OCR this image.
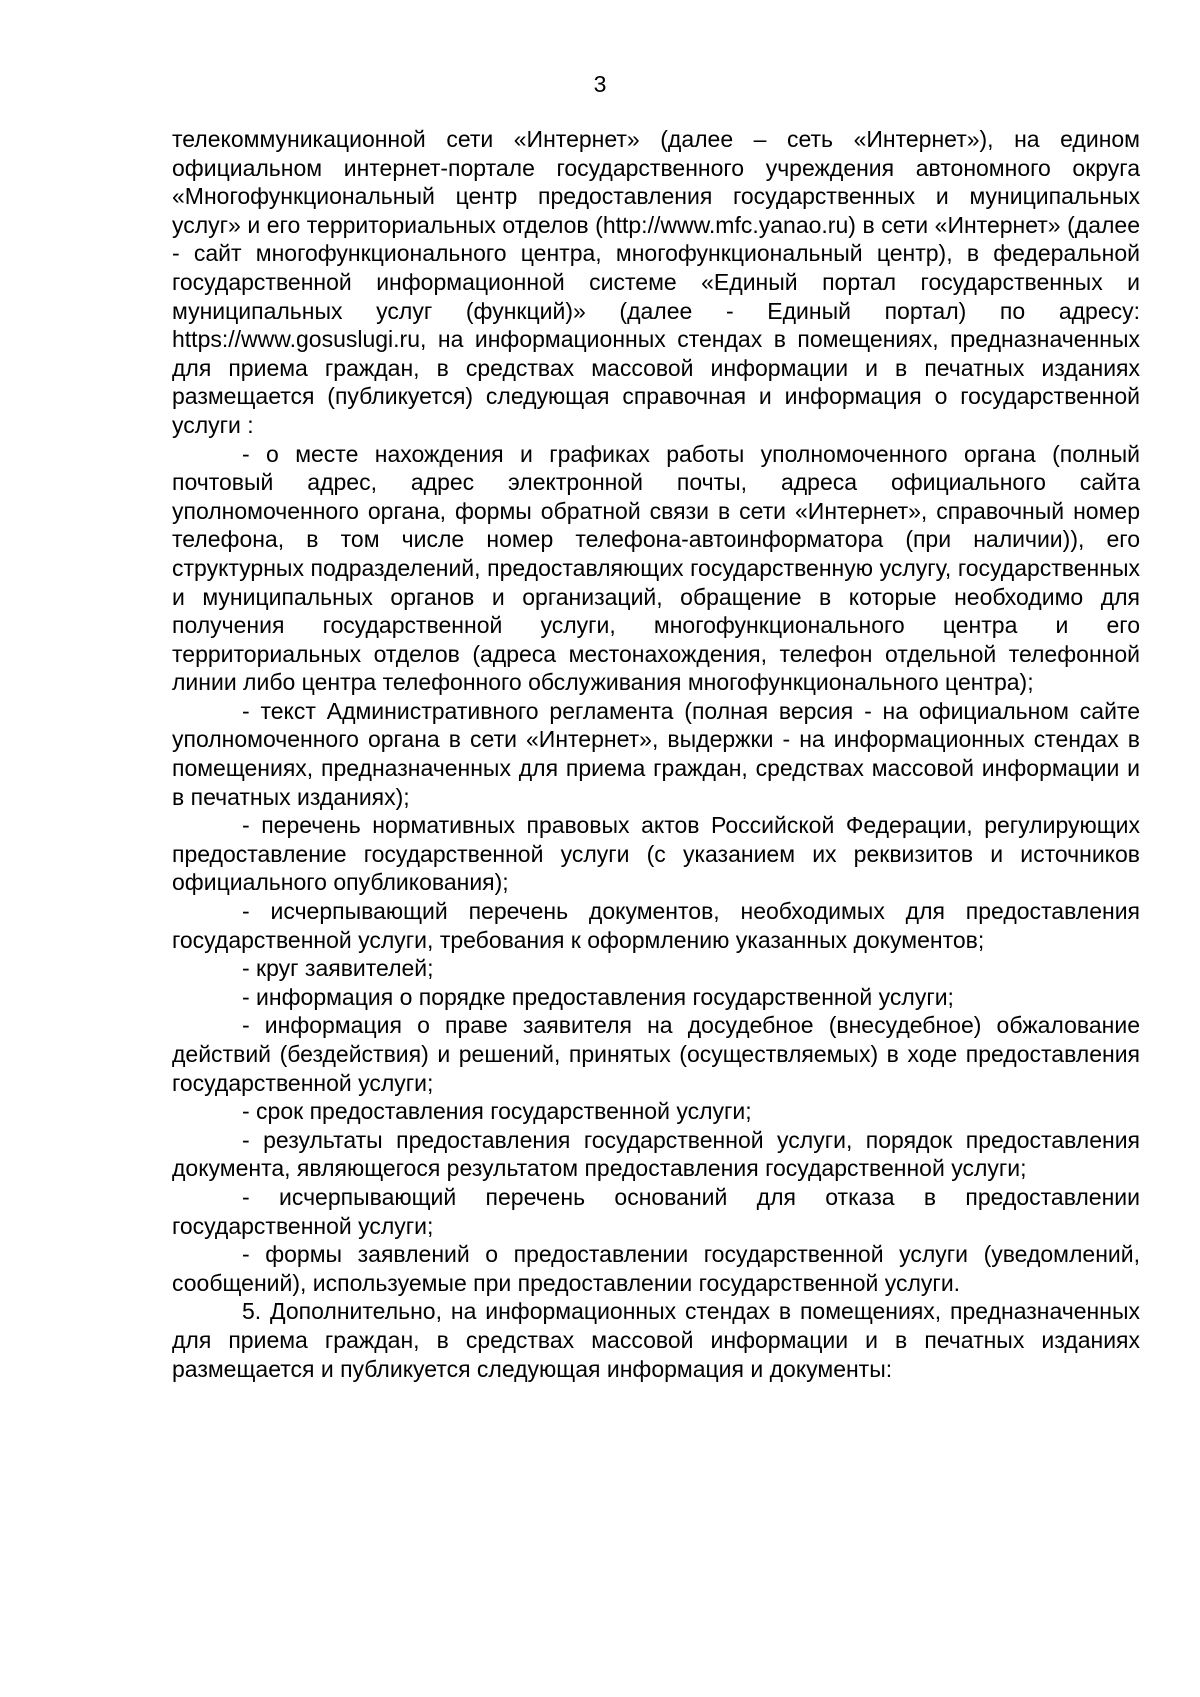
3

телекоммуникационной сети «Интернет» (далее – сеть «Интернет»), на едином официальном интернет-портале государственного учреждения автономного округа «Многофункциональный центр предоставления государственных и муниципальных услуг» и его территориальных отделов (http://www.mfc.yanao.ru) в сети «Интернет» (далее - сайт многофункционального центра, многофункциональный центр), в федеральной государственной информационной системе «Единый портал государственных и муниципальных услуг (функций)» (далее - Единый портал) по адресу: https://www.gosuslugi.ru, на информационных стендах в помещениях, предназначенных для приема граждан, в средствах массовой информации и в печатных изданиях размещается (публикуется) следующая справочная и информация о государственной услуги :

- о месте нахождения и графиках работы уполномоченного органа (полный почтовый адрес, адрес электронной почты, адреса официального сайта уполномоченного органа, формы обратной связи в сети «Интернет», справочный номер телефона, в том числе номер телефона-автоинформатора (при наличии)), его структурных подразделений, предоставляющих государственную услугу, государственных и муниципальных органов и организаций, обращение в которые необходимо для получения государственной услуги, многофункционального центра и его территориальных отделов (адреса местонахождения, телефон отдельной телефонной линии либо центра телефонного обслуживания многофункционального центра);

- текст Административного регламента (полная версия - на официальном сайте уполномоченного органа в сети «Интернет», выдержки - на информационных стендах в помещениях, предназначенных для приема граждан, средствах массовой информации и в печатных изданиях);

- перечень нормативных правовых актов Российской Федерации, регулирующих предоставление государственной услуги (с указанием их реквизитов и источников официального опубликования);

- исчерпывающий перечень документов, необходимых для предоставления государственной услуги, требования к оформлению указанных документов;

- круг заявителей;

- информация о порядке предоставления государственной услуги;

- информация о праве заявителя на досудебное (внесудебное) обжалование действий (бездействия) и решений, принятых (осуществляемых) в ходе предоставления государственной услуги;

- срок предоставления государственной услуги;

- результаты предоставления государственной услуги, порядок предоставления документа, являющегося результатом предоставления государственной услуги;

- исчерпывающий перечень оснований для отказа в предоставлении государственной услуги;

- формы заявлений о предоставлении государственной услуги (уведомлений, сообщений), используемые при предоставлении государственной услуги.

5. Дополнительно, на информационных стендах в помещениях, предназначенных для приема граждан, в средствах массовой информации и в печатных изданиях размещается и публикуется следующая информация и документы:
